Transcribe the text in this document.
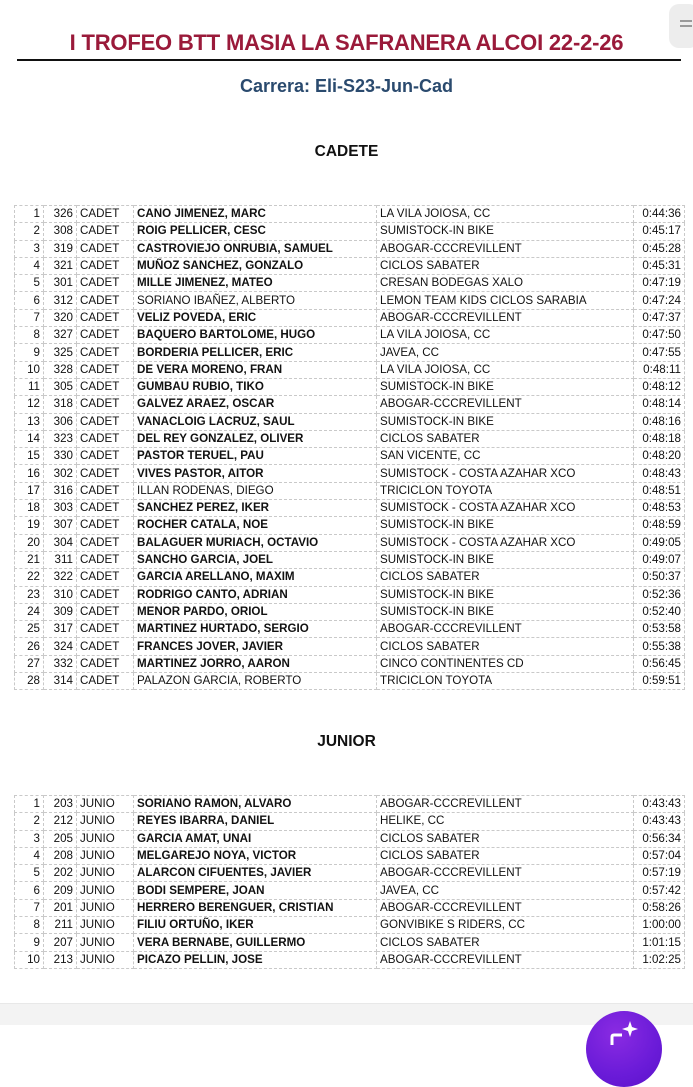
I TROFEO BTT MASIA LA SAFRANERA ALCOI 22-2-26
Carrera: Eli-S23-Jun-Cad
CADETE
1	326	CADET	CANO JIMENEZ, MARC	LA VILA JOIOSA, CC	0:44:36
2	308	CADET	ROIG PELLICER, CESC	SUMISTOCK-IN BIKE	0:45:17
3	319	CADET	CASTROVIEJO ONRUBIA, SAMUEL	ABOGAR-CCCREVILLENT	0:45:28
4	321	CADET	MUÑOZ SANCHEZ, GONZALO	CICLOS SABATER	0:45:31
5	301	CADET	MILLE JIMENEZ, MATEO	CRESAN BODEGAS XALO	0:47:19
6	312	CADET	SORIANO IBAÑEZ, ALBERTO	LEMON TEAM KIDS CICLOS SARABIA	0:47:24
7	320	CADET	VELIZ POVEDA, ERIC	ABOGAR-CCCREVILLENT	0:47:37
8	327	CADET	BAQUERO BARTOLOME, HUGO	LA VILA JOIOSA, CC	0:47:50
9	325	CADET	BORDERIA PELLICER, ERIC	JAVEA, CC	0:47:55
10	328	CADET	DE VERA MORENO, FRAN	LA VILA JOIOSA, CC	0:48:11
11	305	CADET	GUMBAU RUBIO, TIKO	SUMISTOCK-IN BIKE	0:48:12
12	318	CADET	GALVEZ ARAEZ, OSCAR	ABOGAR-CCCREVILLENT	0:48:14
13	306	CADET	VANACLOIG LACRUZ, SAUL	SUMISTOCK-IN BIKE	0:48:16
14	323	CADET	DEL REY GONZALEZ, OLIVER	CICLOS SABATER	0:48:18
15	330	CADET	PASTOR TERUEL, PAU	SAN VICENTE, CC	0:48:20
16	302	CADET	VIVES PASTOR, AITOR	SUMISTOCK - COSTA AZAHAR XCO	0:48:43
17	316	CADET	ILLAN RODENAS, DIEGO	TRICICLON TOYOTA	0:48:51
18	303	CADET	SANCHEZ PEREZ, IKER	SUMISTOCK - COSTA AZAHAR XCO	0:48:53
19	307	CADET	ROCHER CATALA, NOE	SUMISTOCK-IN BIKE	0:48:59
20	304	CADET	BALAGUER MURIACH, OCTAVIO	SUMISTOCK - COSTA AZAHAR XCO	0:49:05
21	311	CADET	SANCHO GARCIA, JOEL	SUMISTOCK-IN BIKE	0:49:07
22	322	CADET	GARCIA ARELLANO, MAXIM	CICLOS SABATER	0:50:37
23	310	CADET	RODRIGO CANTO, ADRIAN	SUMISTOCK-IN BIKE	0:52:36
24	309	CADET	MENOR PARDO, ORIOL	SUMISTOCK-IN BIKE	0:52:40
25	317	CADET	MARTINEZ HURTADO, SERGIO	ABOGAR-CCCREVILLENT	0:53:58
26	324	CADET	FRANCES JOVER, JAVIER	CICLOS SABATER	0:55:38
27	332	CADET	MARTINEZ JORRO, AARON	CINCO CONTINENTES CD	0:56:45
28	314	CADET	PALAZON GARCIA, ROBERTO	TRICICLON TOYOTA	0:59:51
JUNIOR
1	203	JUNIO	SORIANO RAMON, ALVARO	ABOGAR-CCCREVILLENT	0:43:43
2	212	JUNIO	REYES IBARRA, DANIEL	HELIKE, CC	0:43:43
3	205	JUNIO	GARCIA AMAT, UNAI	CICLOS SABATER	0:56:34
4	208	JUNIO	MELGAREJO NOYA, VICTOR	CICLOS SABATER	0:57:04
5	202	JUNIO	ALARCON CIFUENTES, JAVIER	ABOGAR-CCCREVILLENT	0:57:19
6	209	JUNIO	BODI SEMPERE, JOAN	JAVEA, CC	0:57:42
7	201	JUNIO	HERRERO BERENGUER, CRISTIAN	ABOGAR-CCCREVILLENT	0:58:26
8	211	JUNIO	FILIU ORTUÑO, IKER	GONVIBIKE S RIDERS, CC	1:00:00
9	207	JUNIO	VERA BERNABE, GUILLERMO	CICLOS SABATER	1:01:15
10	213	JUNIO	PICAZO PELLIN, JOSE	ABOGAR-CCCREVILLENT	1:02:25
